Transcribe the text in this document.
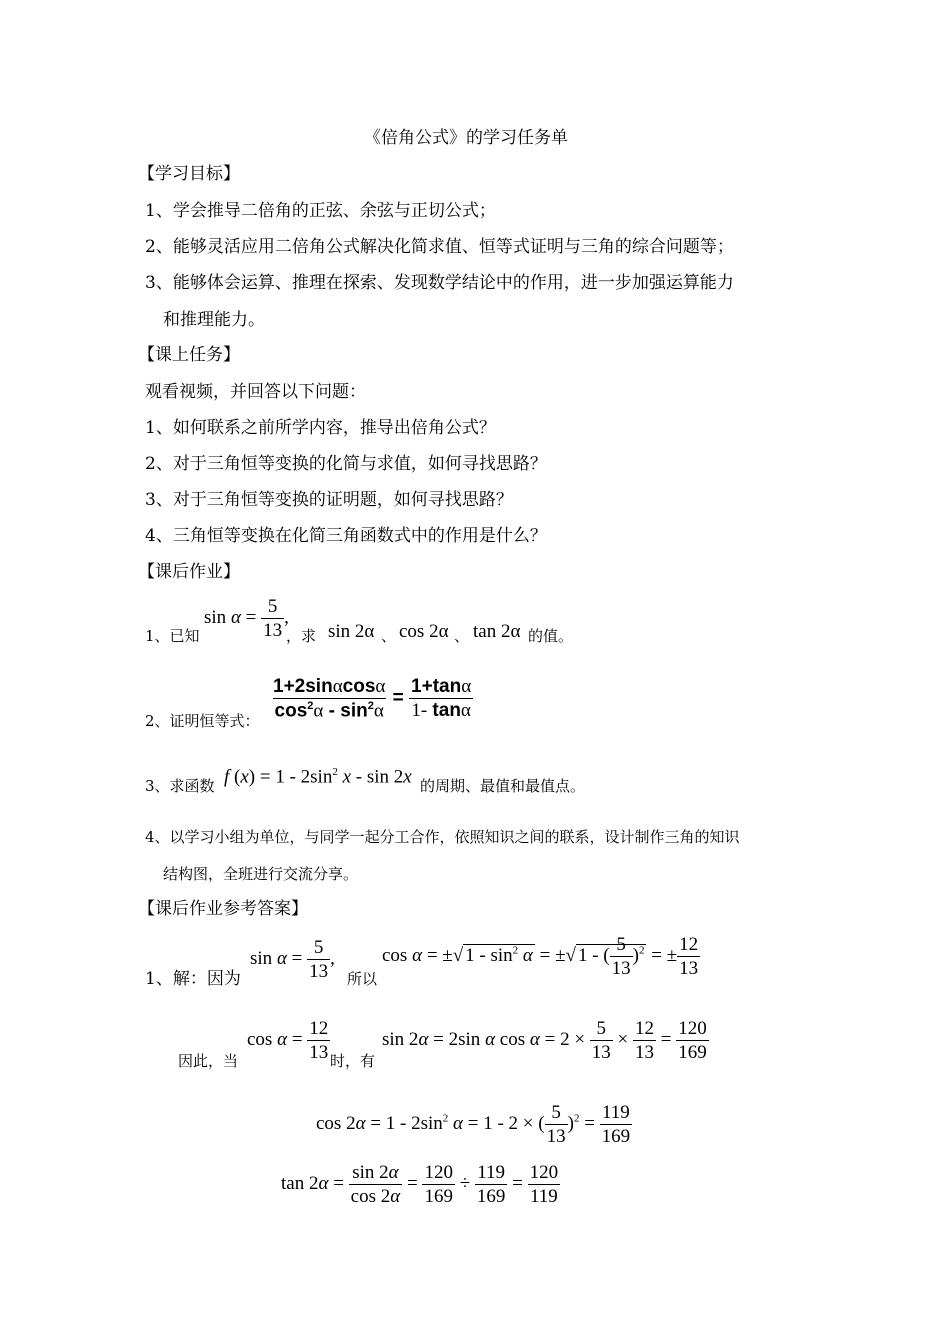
《倍角公式》的学习任务单
【学习目标】
1、学会推导二倍角的正弦、余弦与正切公式；
2、能够灵活应用二倍角公式解决化简求值、恒等式证明与三角的综合问题等；
3、能够体会运算、推理在探索、发现数学结论中的作用，进一步加强运算能力
和推理能力。
【课上任务】
观看视频，并回答以下问题：
1、如何联系之前所学内容，推导出倍角公式？
2、对于三角恒等变换的化简与求值，如何寻找思路？
3、对于三角恒等变换的证明题，如何寻找思路？
4、三角恒等变换在化简三角函数式中的作用是什么？
【课后作业】
1、已知
$\sin \alpha = \frac{5}{13}$ ,
，求 sin 2α 、 cos 2α 、 tan 2α 的值。
2、证明恒等式：
$\frac{1+2\sin\alpha\cos\alpha}{\cos^2\alpha - \sin^2\alpha} = \frac{1+\tan\alpha}{1- \tan\alpha}$
3、求函数 f $(x) = 1 - 2\sin^2$ x - sin 2x 的周期、最值和最值点。
4、以学习小组为单位，与同学一起分工合作，依照知识之间的联系，设计制作三角的知识
结构图，全班进行交流分享。
【课后作业参考答案】
1、解：因为
$\sin \alpha = \frac{5}{13}$ ,
所以
cos α = ±√ $1 - \sin^2 \alpha$ = ±√ 1 - ( $\frac{5}{13} )^2$ = ± $\frac{12}{13}$
因此，当
$\cos \alpha = \frac{12}{13}$ 时，有
sin 2α = 2sin α $\cos \alpha = 2 \times \frac{5}{13} \times \frac{12}{13} = \frac{120}{169}$
$\cos 2\alpha = 1 - 2\sin^2$ α = 1 - 2 × ( $\frac{5}{13} )^2 = \frac{119}{169}$
$\tan 2\alpha = \frac{\sin 2\alpha}{\cos 2\alpha} = \frac{120}{169} \div \frac{119}{169} = \frac{120}{119}$
